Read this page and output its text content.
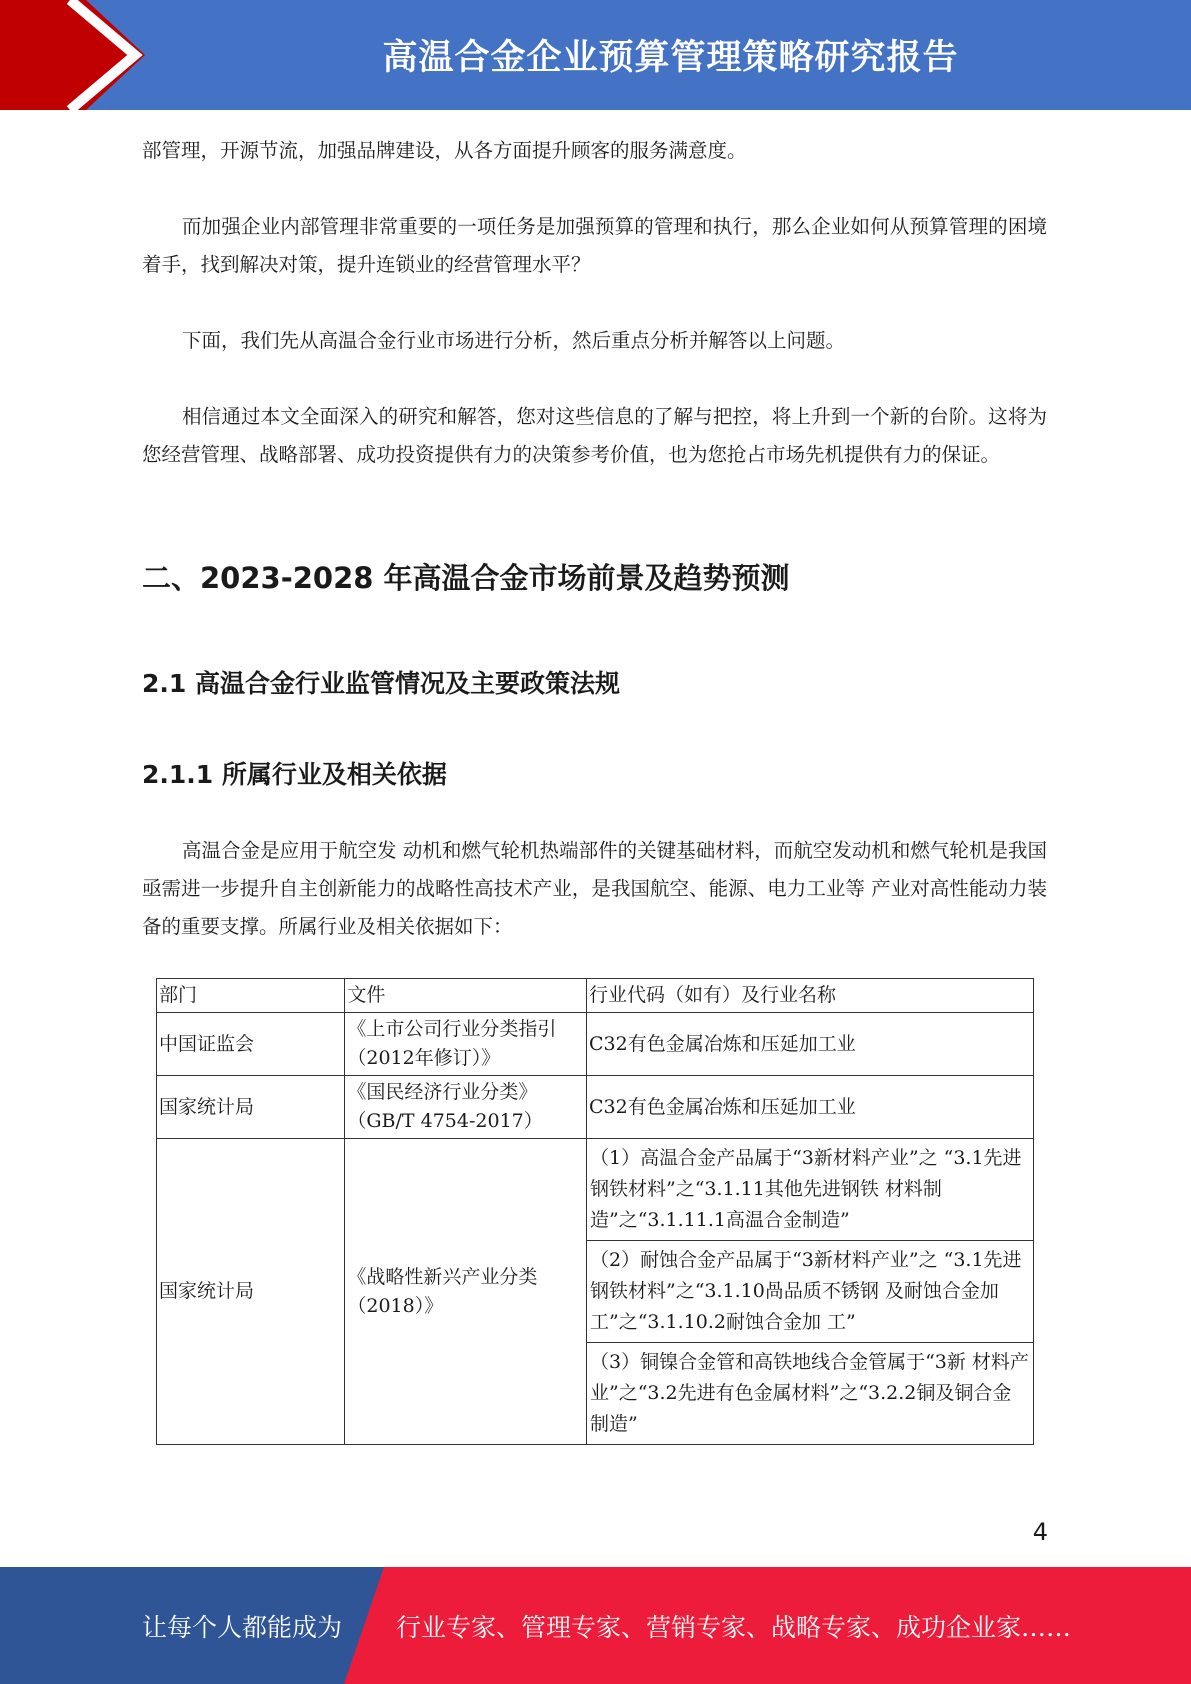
高温合金企业预算管理策略研究报告

部管理，开源节流，加强品牌建设，从各方面提升顾客的服务满意度。

而加强企业内部管理非常重要的一项任务是加强预算的管理和执行，那么企业如何从预算管理的困境着手，找到解决对策，提升连锁业的经营管理水平？

下面，我们先从高温合金行业市场进行分析，然后重点分析并解答以上问题。

相信通过本文全面深入的研究和解答，您对这些信息的了解与把控，将上升到一个新的台阶。这将为您经营管理、战略部署、成功投资提供有力的决策参考价值，也为您抢占市场先机提供有力的保证。

二、2023-2028 年高温合金市场前景及趋势预测
2.1 高温合金行业监管情况及主要政策法规
2.1.1 所属行业及相关依据

高温合金是应用于航空发 动机和燃气轮机热端部件的关键基础材料，而航空发动机和燃气轮机是我国亟需进一步提升自主创新能力的战略性高技术产业，是我国航空、能源、电力工业等 产业对高性能动力装备的重要支撑。所属行业及相关依据如下：

部门	文件	行业代码（如有）及行业名称
中国证监会	《上市公司行业分类指引（2012年修订）》	C32有色金属冶炼和压延加工业
国家统计局	《国民经济行业分类》（GB/T 4754-2017）	C32有色金属冶炼和压延加工业
国家统计局	《战略性新兴产业分类（2018）》	（1）高温合金产品属于“3新材料产业”之 “3.1先进钢铁材料”之“3.1.11其他先进钢铁 材料制造”之“3.1.11.1高温合金制造”
（2）耐蚀合金产品属于“3新材料产业”之 “3.1先进钢铁材料”之“3.1.10咼品质不锈钢 及耐蚀合金加工”之“3.1.10.2耐蚀合金加 工”
（3）铜镍合金管和高铁地线合金管属于“3新 材料产业”之“3.2先进有色金属材料”之“3.2.2铜及铜合金制造”
4
让每个人都能成为 行业专家、管理专家、营销专家、战略专家、成功企业家……
